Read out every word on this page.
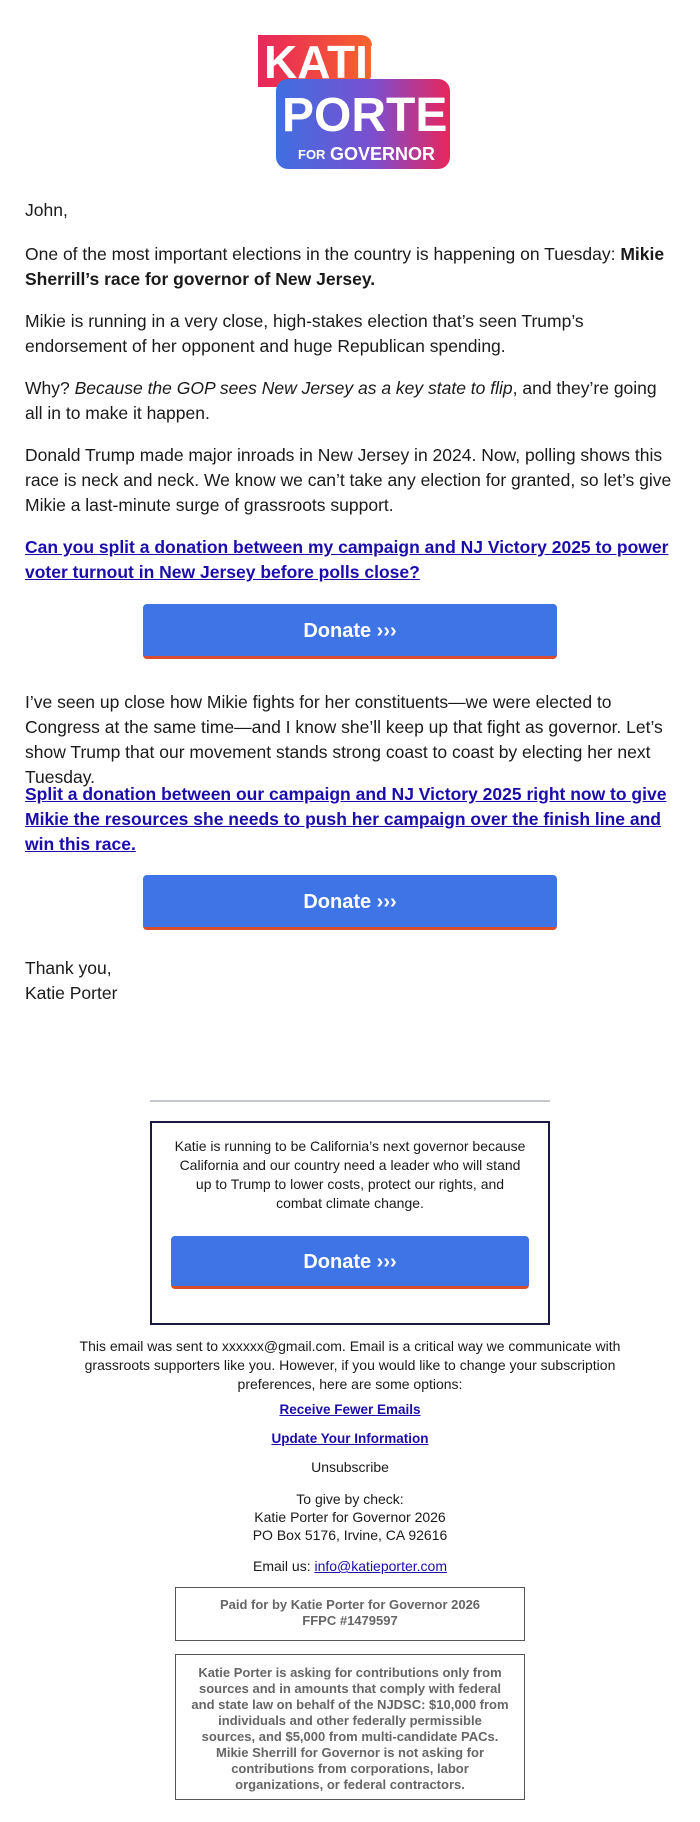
KATIE
PORTER
FOR GOVERNOR

John,

One of the most important elections in the country is happening on Tuesday: Mikie Sherrill’s race for governor of New Jersey.

Mikie is running in a very close, high-stakes election that’s seen Trump’s endorsement of her opponent and huge Republican spending.

Why? Because the GOP sees New Jersey as a key state to flip, and they’re going all in to make it happen.

Donald Trump made major inroads in New Jersey in 2024. Now, polling shows this race is neck and neck. We know we can’t take any election for granted, so let’s give Mikie a last-minute surge of grassroots support.

Can you split a donation between my campaign and NJ Victory 2025 to power voter turnout in New Jersey before polls close?

Donate ›››

I’ve seen up close how Mikie fights for her constituents—we were elected to Congress at the same time—and I know she’ll keep up that fight as governor. Let’s show Trump that our movement stands strong coast to coast by electing her next Tuesday.

Split a donation between our campaign and NJ Victory 2025 right now to give Mikie the resources she needs to push her campaign over the finish line and win this race.

Donate ›››

Thank you,

Katie Porter

Katie is running to be California’s next governor because California and our country need a leader who will stand up to Trump to lower costs, protect our rights, and combat climate change.

Donate ›››

This email was sent to xxxxxx@gmail.com. Email is a critical way we communicate with grassroots supporters like you. However, if you would like to change your subscription preferences, here are some options:

Receive Fewer Emails

Update Your Information

Unsubscribe

To give by check:

Katie Porter for Governor 2026

PO Box 5176, Irvine, CA 92616

Email us: info@katieporter.com

Paid for by Katie Porter for Governor 2026
FFPC #1479597
Katie Porter is asking for contributions only from sources and in amounts that comply with federal and state law on behalf of the NJDSC: $10,000 from individuals and other federally permissible sources, and $5,000 from multi-candidate PACs. Mikie Sherrill for Governor is not asking for contributions from corporations, labor organizations, or federal contractors.
